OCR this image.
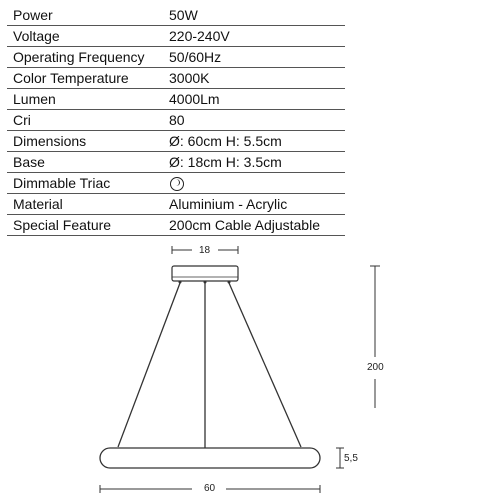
Power	50W
Voltage	220-240V
Operating Frequency	50/60Hz
Color Temperature	3000K
Lumen	4000Lm
Cri	80
Dimensions	Ø: 60cm H: 5.5cm
Base	Ø: 18cm H: 3.5cm
Dimmable Triac	
Material	Aluminium - Acrylic
Special Feature	200cm Cable Adjustable
18
200
5,5
60
